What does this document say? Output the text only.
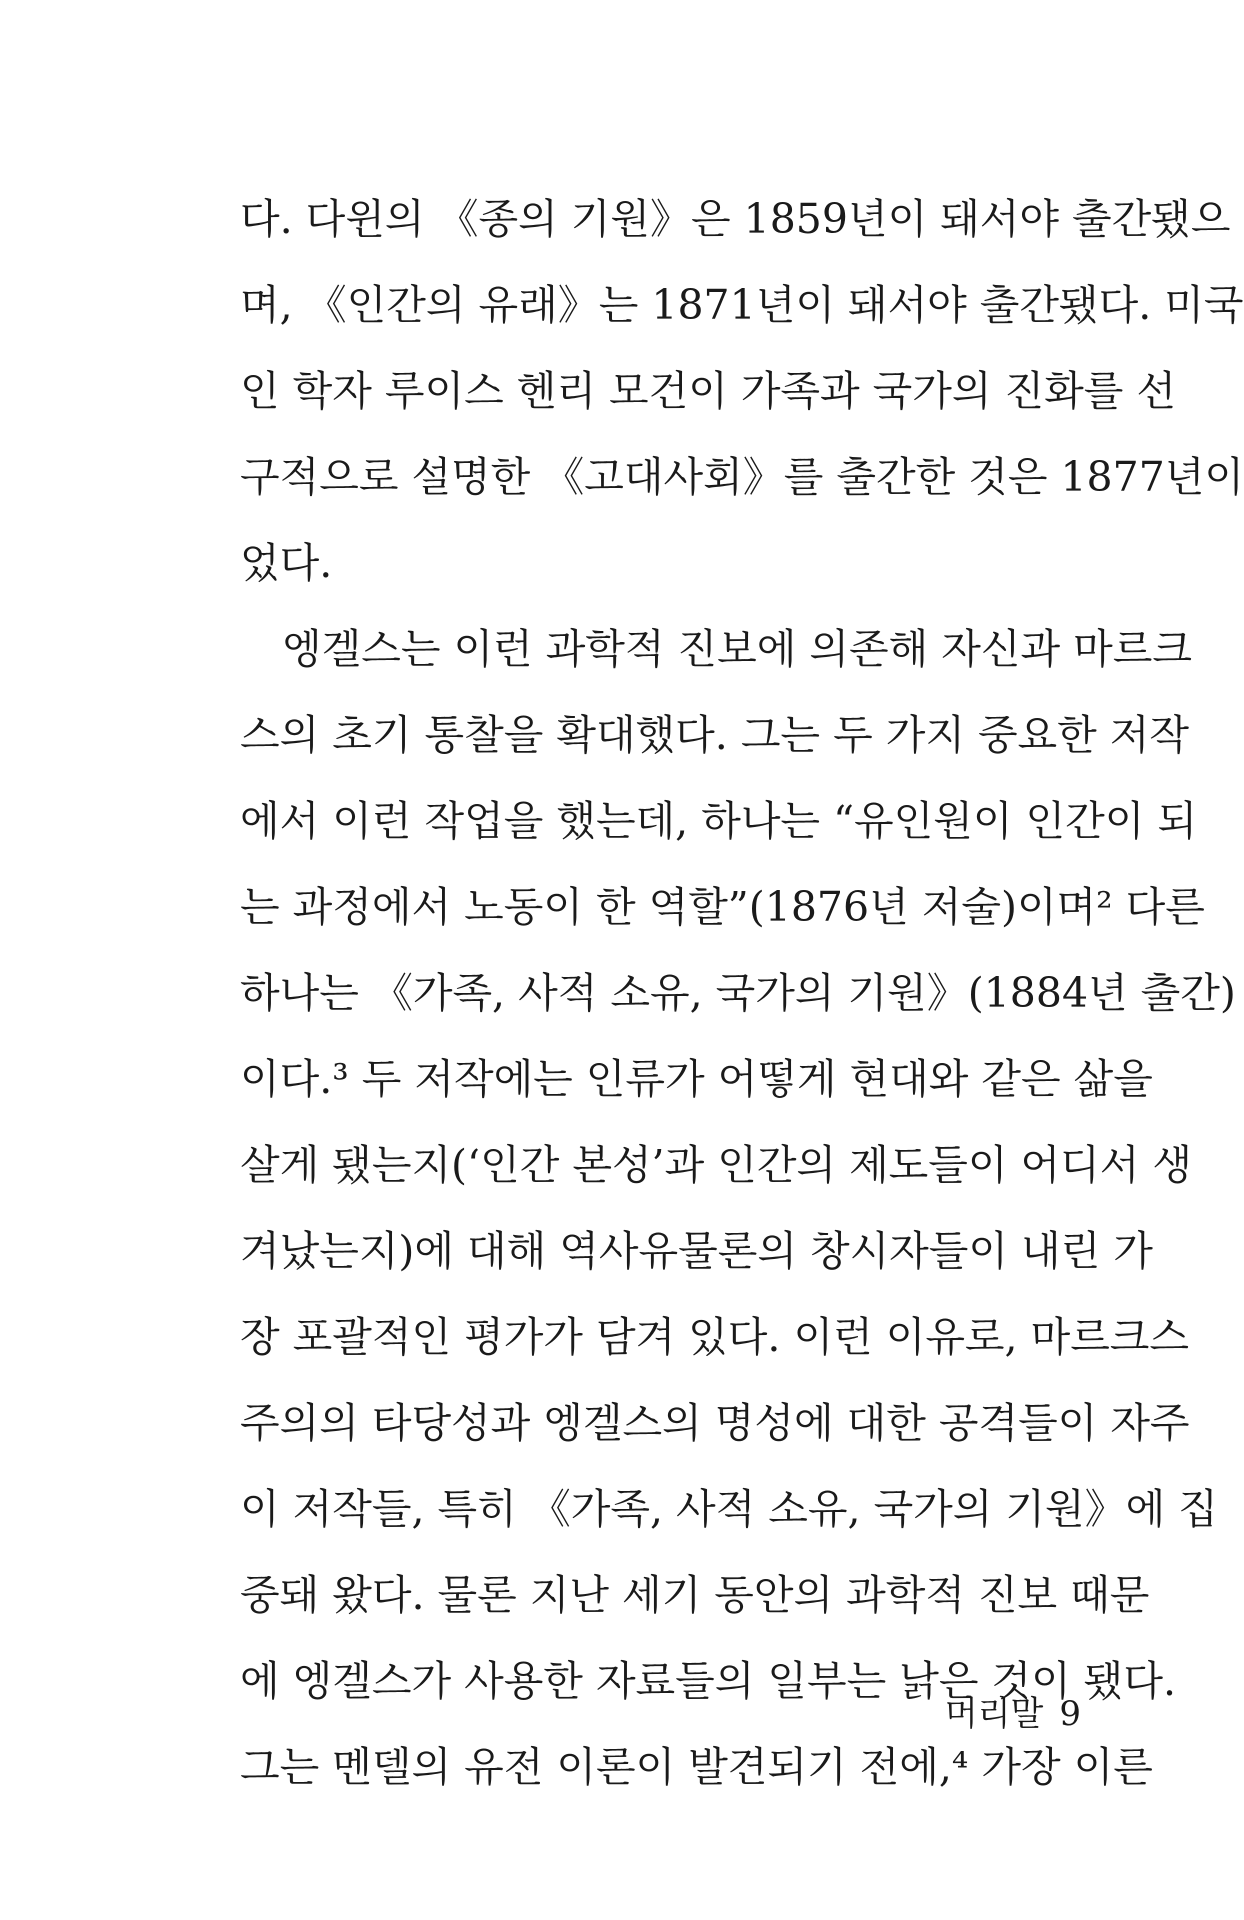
다. 다윈의 《종의 기원》은 1859년이 돼서야 출간됐으
며, 《인간의 유래》는 1871년이 돼서야 출간됐다. 미국
인 학자 루이스 헨리 모건이 가족과 국가의 진화를 선
구적으로 설명한 《고대사회》를 출간한 것은 1877년이
었다.
엥겔스는 이런 과학적 진보에 의존해 자신과 마르크
스의 초기 통찰을 확대했다. 그는 두 가지 중요한 저작
에서 이런 작업을 했는데, 하나는 “유인원이 인간이 되
는 과정에서 노동이 한 역할”(1876년 저술)이며² 다른
하나는 《가족, 사적 소유, 국가의 기원》(1884년 출간)
이다.³ 두 저작에는 인류가 어떻게 현대와 같은 삶을
살게 됐는지(‘인간 본성’과 인간의 제도들이 어디서 생
겨났는지)에 대해 역사유물론의 창시자들이 내린 가
장 포괄적인 평가가 담겨 있다. 이런 이유로, 마르크스
주의의 타당성과 엥겔스의 명성에 대한 공격들이 자주
이 저작들, 특히 《가족, 사적 소유, 국가의 기원》에 집
중돼 왔다. 물론 지난 세기 동안의 과학적 진보 때문
에 엥겔스가 사용한 자료들의 일부는 낡은 것이 됐다.
그는 멘델의 유전 이론이 발견되기 전에,⁴ 가장 이른
머리말 9
